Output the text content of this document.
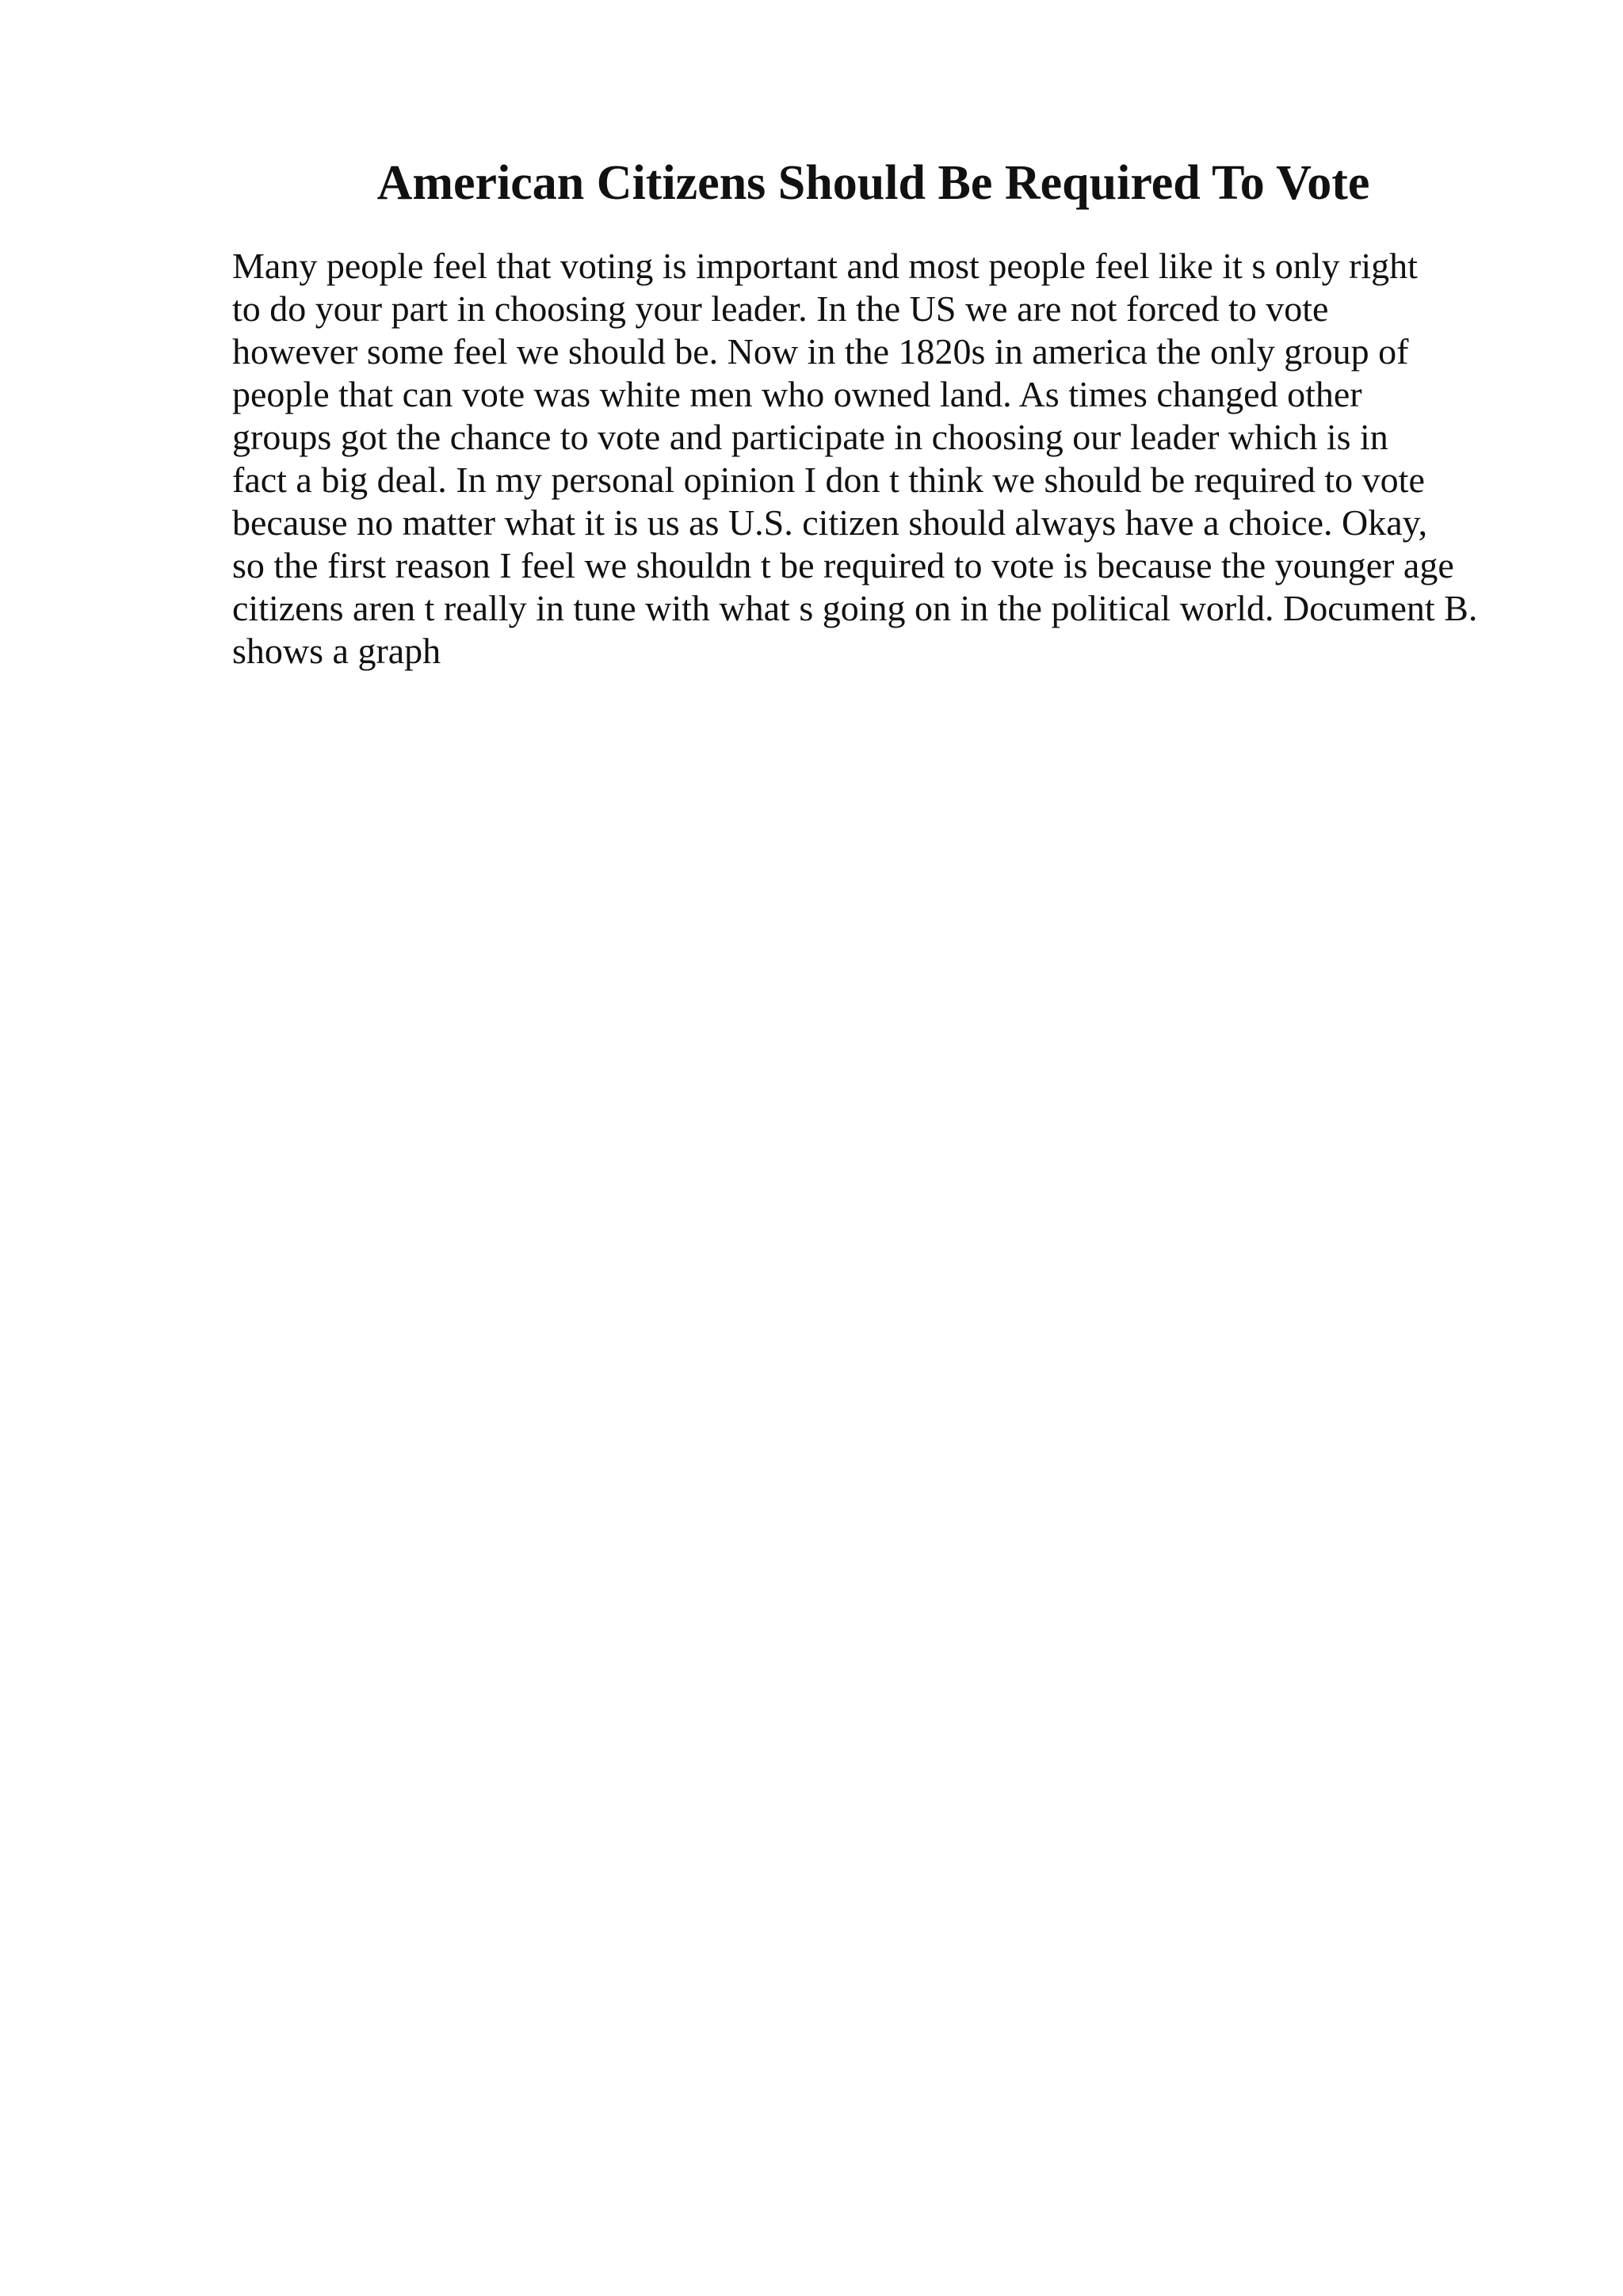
American Citizens Should Be Required To Vote
Many people feel that voting is important and most people feel like it s only right
to do your part in choosing your leader. In the US we are not forced to vote
however some feel we should be. Now in the 1820s in america the only group of
people that can vote was white men who owned land. As times changed other
groups got the chance to vote and participate in choosing our leader which is in
fact a big deal. In my personal opinion I don t think we should be required to vote
because no matter what it is us as U.S. citizen should always have a choice. Okay,
so the first reason I feel we shouldn t be required to vote is because the younger age
citizens aren t really in tune with what s going on in the political world. Document B.
shows a graph
